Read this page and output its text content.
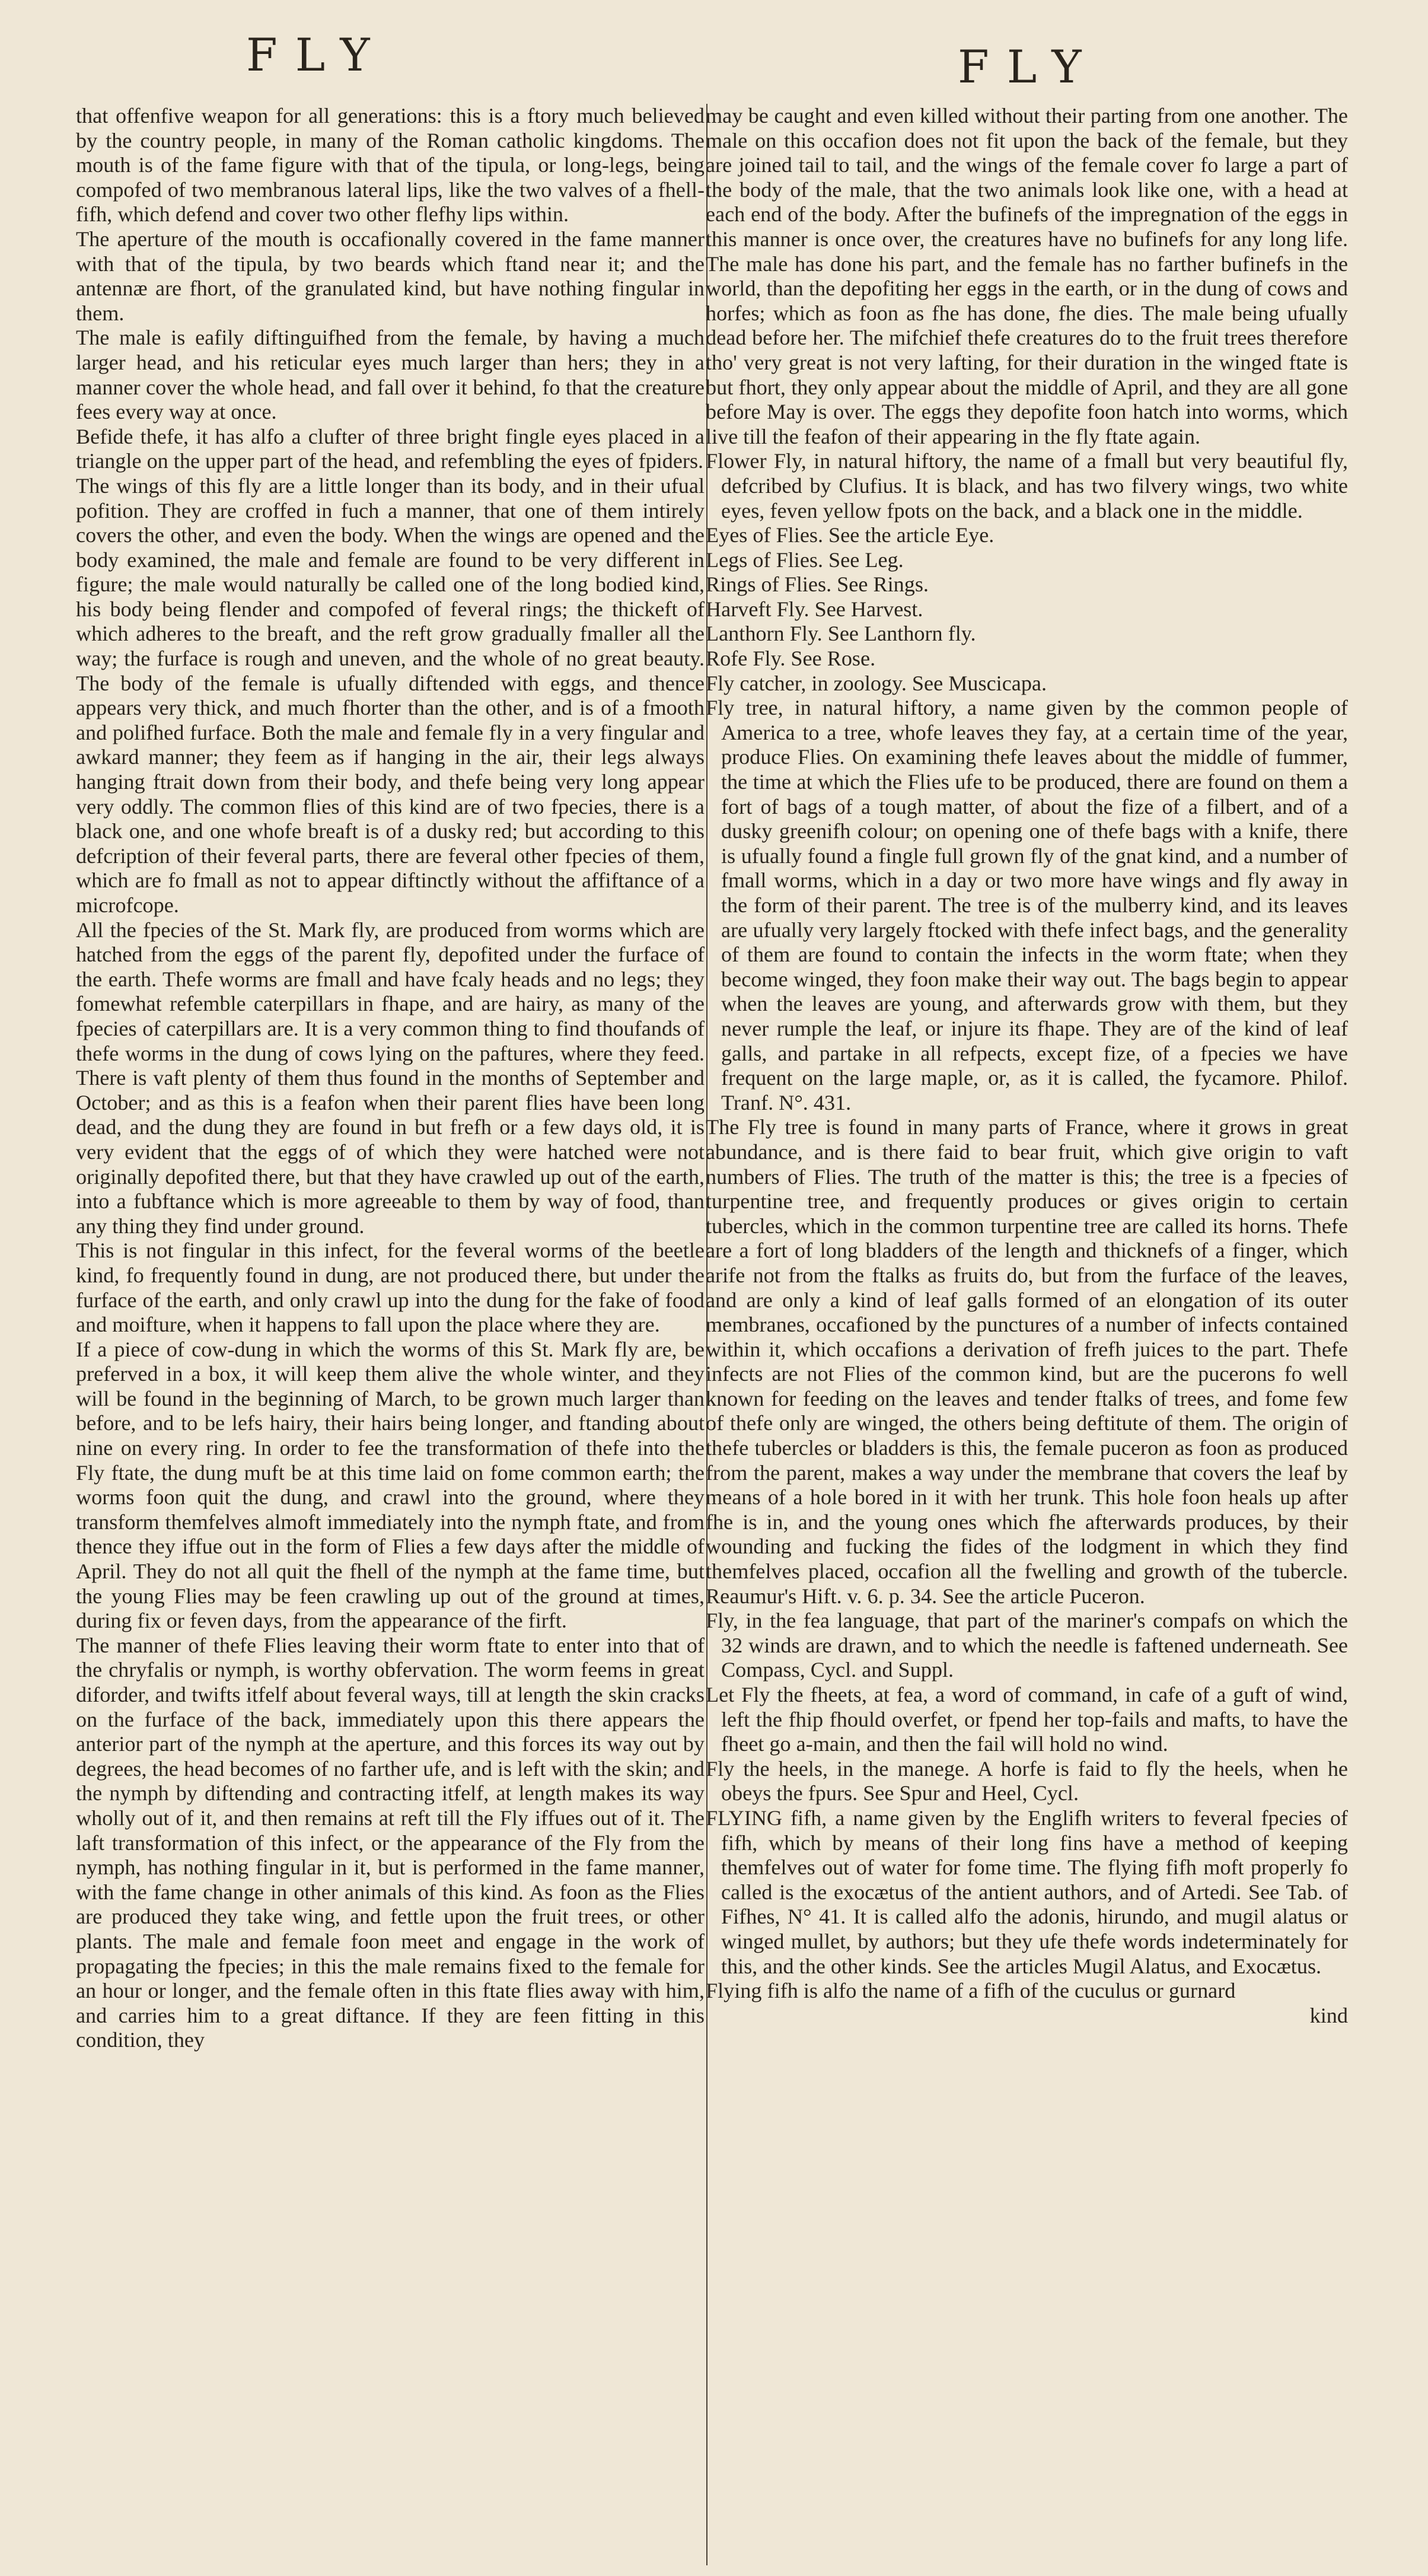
FLY	FLY

that offenfive weapon for all generations: this is a ftory much believed by the country people, in many of the Roman catholic kingdoms. The mouth is of the fame figure with that of the tipula, or long-legs, being compofed of two membranous lateral lips, like the two valves of a fhell-fifh, which defend and cover two other flefhy lips within.

The aperture of the mouth is occafionally covered in the fame manner with that of the tipula, by two beards which ftand near it; and the antennæ are fhort, of the granulated kind, but have nothing fingular in them.

The male is eafily diftinguifhed from the female, by having a much larger head, and his reticular eyes much larger than hers; they in a manner cover the whole head, and fall over it behind, fo that the creature fees every way at once.

Befide thefe, it has alfo a clufter of three bright fingle eyes placed in a triangle on the upper part of the head, and refembling the eyes of fpiders.

The wings of this fly are a little longer than its body, and in their ufual pofition. They are croffed in fuch a manner, that one of them intirely covers the other, and even the body. When the wings are opened and the body examined, the male and female are found to be very different in figure; the male would naturally be called one of the long bodied kind, his body being flender and compofed of feveral rings; the thickeft of which adheres to the breaft, and the reft grow gradually fmaller all the way; the furface is rough and uneven, and the whole of no great beauty. The body of the female is ufually diftended with eggs, and thence appears very thick, and much fhorter than the other, and is of a fmooth and polifhed furface. Both the male and female fly in a very fingular and awkard manner; they feem as if hanging in the air, their legs always hanging ftrait down from their body, and thefe being very long appear very oddly. The common flies of this kind are of two fpecies, there is a black one, and one whofe breaft is of a dusky red; but according to this defcription of their feveral parts, there are feveral other fpecies of them, which are fo fmall as not to appear diftinctly without the affiftance of a microfcope.

All the fpecies of the St. Mark fly, are produced from worms which are hatched from the eggs of the parent fly, depofited under the furface of the earth. Thefe worms are fmall and have fcaly heads and no legs; they fomewhat refemble caterpillars in fhape, and are hairy, as many of the fpecies of caterpillars are. It is a very common thing to find thoufands of thefe worms in the dung of cows lying on the paftures, where they feed. There is vaft plenty of them thus found in the months of September and October; and as this is a feafon when their parent flies have been long dead, and the dung they are found in but frefh or a few days old, it is very evident that the eggs of of which they were hatched were not originally depofited there, but that they have crawled up out of the earth, into a fubftance which is more agreeable to them by way of food, than any thing they find under ground.

This is not fingular in this infect, for the feveral worms of the beetle kind, fo frequently found in dung, are not produced there, but under the furface of the earth, and only crawl up into the dung for the fake of food and moifture, when it happens to fall upon the place where they are.

If a piece of cow-dung in which the worms of this St. Mark fly are, be preferved in a box, it will keep them alive the whole winter, and they will be found in the beginning of March, to be grown much larger than before, and to be lefs hairy, their hairs being longer, and ftanding about nine on every ring. In order to fee the transformation of thefe into the Fly ftate, the dung muft be at this time laid on fome common earth; the worms foon quit the dung, and crawl into the ground, where they transform themfelves almoft immediately into the nymph ftate, and from thence they iffue out in the form of Flies a few days after the middle of April. They do not all quit the fhell of the nymph at the fame time, but the young Flies may be feen crawling up out of the ground at times, during fix or feven days, from the appearance of the firft.

The manner of thefe Flies leaving their worm ftate to enter into that of the chryfalis or nymph, is worthy obfervation. The worm feems in great diforder, and twifts itfelf about feveral ways, till at length the skin cracks on the furface of the back, immediately upon this there appears the anterior part of the nymph at the aperture, and this forces its way out by degrees, the head becomes of no farther ufe, and is left with the skin; and the nymph by diftending and contracting itfelf, at length makes its way wholly out of it, and then remains at reft till the Fly iffues out of it. The laft transformation of this infect, or the appearance of the Fly from the nymph, has nothing fingular in it, but is performed in the fame manner, with the fame change in other animals of this kind. As foon as the Flies are produced they take wing, and fettle upon the fruit trees, or other plants. The male and female foon meet and engage in the work of propagating the fpecies; in this the male remains fixed to the female for an hour or longer, and the female often in this ftate flies away with him, and carries him to a great diftance. If they are feen fitting in this condition, they

may be caught and even killed without their parting from one another. The male on this occafion does not fit upon the back of the female, but they are joined tail to tail, and the wings of the female cover fo large a part of the body of the male, that the two animals look like one, with a head at each end of the body. After the bufinefs of the impregnation of the eggs in this manner is once over, the creatures have no bufinefs for any long life. The male has done his part, and the female has no farther bufinefs in the world, than the depofiting her eggs in the earth, or in the dung of cows and horfes; which as foon as fhe has done, fhe dies. The male being ufually dead before her. The mifchief thefe creatures do to the fruit trees therefore tho' very great is not very lafting, for their duration in the winged ftate is but fhort, they only appear about the middle of April, and they are all gone before May is over. The eggs they depofite foon hatch into worms, which live till the feafon of their appearing in the fly ftate again.

Flower Fly, in natural hiftory, the name of a fmall but very beautiful fly, defcribed by Clufius. It is black, and has two filvery wings, two white eyes, feven yellow fpots on the back, and a black one in the middle.

Eyes of Flies. See the article Eye.

Legs of Flies. See Leg.

Rings of Flies. See Rings.

Harveft Fly. See Harvest.

Lanthorn Fly. See Lanthorn fly.

Rofe Fly. See Rose.

Fly catcher, in zoology. See Muscicapa.

Fly tree, in natural hiftory, a name given by the common people of America to a tree, whofe leaves they fay, at a certain time of the year, produce Flies. On examining thefe leaves about the middle of fummer, the time at which the Flies ufe to be produced, there are found on them a fort of bags of a tough matter, of about the fize of a filbert, and of a dusky greenifh colour; on opening one of thefe bags with a knife, there is ufually found a fingle full grown fly of the gnat kind, and a number of fmall worms, which in a day or two more have wings and fly away in the form of their parent. The tree is of the mulberry kind, and its leaves are ufually very largely ftocked with thefe infect bags, and the generality of them are found to contain the infects in the worm ftate; when they become winged, they foon make their way out. The bags begin to appear when the leaves are young, and afterwards grow with them, but they never rumple the leaf, or injure its fhape. They are of the kind of leaf galls, and partake in all refpects, except fize, of a fpecies we have frequent on the large maple, or, as it is called, the fycamore. Philof. Tranf. N°. 431.

The Fly tree is found in many parts of France, where it grows in great abundance, and is there faid to bear fruit, which give origin to vaft numbers of Flies. The truth of the matter is this; the tree is a fpecies of turpentine tree, and frequently produces or gives origin to certain tubercles, which in the common turpentine tree are called its horns. Thefe are a fort of long bladders of the length and thicknefs of a finger, which arife not from the ftalks as fruits do, but from the furface of the leaves, and are only a kind of leaf galls formed of an elongation of its outer membranes, occafioned by the punctures of a number of infects contained within it, which occafions a derivation of frefh juices to the part. Thefe infects are not Flies of the common kind, but are the pucerons fo well known for feeding on the leaves and tender ftalks of trees, and fome few of thefe only are winged, the others being deftitute of them. The origin of thefe tubercles or bladders is this, the female puceron as foon as produced from the parent, makes a way under the membrane that covers the leaf by means of a hole bored in it with her trunk. This hole foon heals up after fhe is in, and the young ones which fhe afterwards produces, by their wounding and fucking the fides of the lodgment in which they find themfelves placed, occafion all the fwelling and growth of the tubercle. Reaumur's Hift. v. 6. p. 34. See the article Puceron.

Fly, in the fea language, that part of the mariner's compafs on which the 32 winds are drawn, and to which the needle is faftened underneath. See Compass, Cycl. and Suppl.

Let Fly the fheets, at fea, a word of command, in cafe of a guft of wind, left the fhip fhould overfet, or fpend her top-fails and mafts, to have the fheet go a-main, and then the fail will hold no wind.

Fly the heels, in the manege. A horfe is faid to fly the heels, when he obeys the fpurs. See Spur and Heel, Cycl.

FLYING fifh, a name given by the Englifh writers to feveral fpecies of fifh, which by means of their long fins have a method of keeping themfelves out of water for fome time. The flying fifh moft properly fo called is the exocætus of the antient authors, and of Artedi. See Tab. of Fifhes, N° 41. It is called alfo the adonis, hirundo, and mugil alatus or winged mullet, by authors; but they ufe thefe words indeterminately for this, and the other kinds. See the articles Mugil Alatus, and Exocætus.

Flying fifh is alfo the name of a fifh of the cuculus or gurnard

kind
